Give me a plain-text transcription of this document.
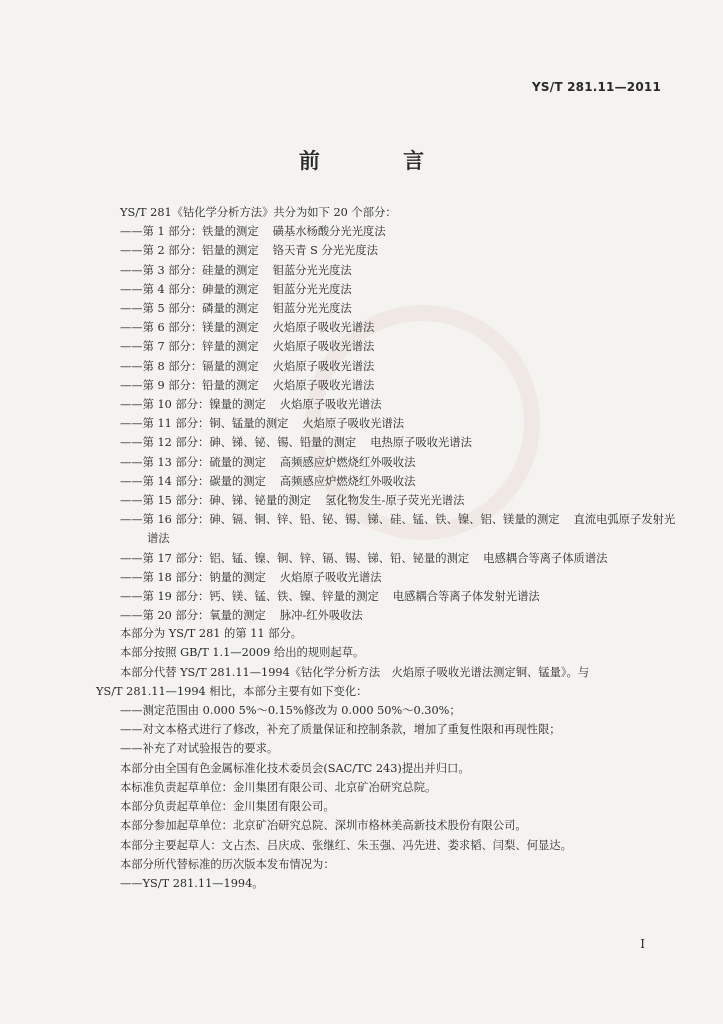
YS/T 281.11—2011
前 言
YS/T 281《钴化学分析方法》共分为如下 20 个部分：
——第 1 部分：铁量的测定 磺基水杨酸分光光度法
——第 2 部分：铝量的测定 铬天青 S 分光光度法
——第 3 部分：硅量的测定 钼蓝分光光度法
——第 4 部分：砷量的测定 钼蓝分光光度法
——第 5 部分：磷量的测定 钼蓝分光光度法
——第 6 部分：镁量的测定 火焰原子吸收光谱法
——第 7 部分：锌量的测定 火焰原子吸收光谱法
——第 8 部分：镉量的测定 火焰原子吸收光谱法
——第 9 部分：铅量的测定 火焰原子吸收光谱法
——第 10 部分：镍量的测定 火焰原子吸收光谱法
——第 11 部分：铜、锰量的测定 火焰原子吸收光谱法
——第 12 部分：砷、锑、铋、锡、铅量的测定 电热原子吸收光谱法
——第 13 部分：硫量的测定 高频感应炉燃烧红外吸收法
——第 14 部分：碳量的测定 高频感应炉燃烧红外吸收法
——第 15 部分：砷、锑、铋量的测定 氢化物发生-原子荧光光谱法
——第 16 部分：砷、镉、铜、锌、铅、铋、锡、锑、硅、锰、铁、镍、铝、镁量的测定 直流电弧原子发射光
谱法
——第 17 部分：铝、锰、镍、铜、锌、镉、锡、锑、铅、铋量的测定 电感耦合等离子体质谱法
——第 18 部分：钠量的测定 火焰原子吸收光谱法
——第 19 部分：钙、镁、锰、铁、镍、锌量的测定 电感耦合等离子体发射光谱法
——第 20 部分：氧量的测定 脉冲-红外吸收法
本部分为 YS/T 281 的第 11 部分。
本部分按照 GB/T 1.1—2009 给出的规则起草。
本部分代替 YS/T 281.11—1994《钴化学分析方法　火焰原子吸收光谱法测定铜、锰量》。与
YS/T 281.11—1994 相比，本部分主要有如下变化：
——测定范围由 0.000 5%～0.15%修改为 0.000 50%～0.30%；
——对文本格式进行了修改，补充了质量保证和控制条款，增加了重复性限和再现性限；
——补充了对试验报告的要求。
本部分由全国有色金属标准化技术委员会(SAC/TC 243)提出并归口。
本标准负责起草单位：金川集团有限公司、北京矿冶研究总院。
本部分负责起草单位：金川集团有限公司。
本部分参加起草单位：北京矿冶研究总院、深圳市格林美高新技术股份有限公司。
本部分主要起草人：文占杰、吕庆成、张继红、朱玉强、冯先进、娄求韬、闫梨、何显达。
本部分所代替标准的历次版本发布情况为：
——YS/T 281.11—1994。
I
